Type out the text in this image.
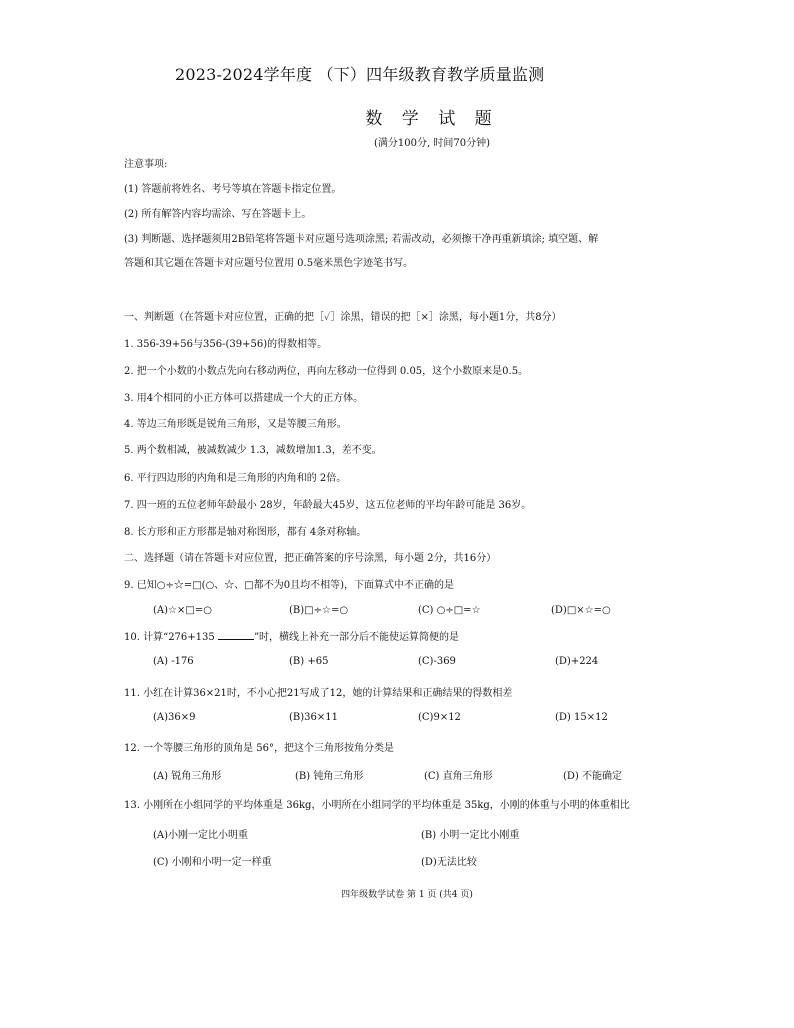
2023-2024学年度 （下）四年级教育教学质量监测
数 学 试 题
(满分100分, 时间70分钟)
注意事项:
(1) 答题前将姓名、考号等填在答题卡指定位置。
(2) 所有解答内容均需涂、写在答题卡上。
(3) 判断题、选择题须用2B铅笔将答题卡对应题号选项涂黑; 若需改动，必须擦干净再重新填涂; 填空题、解
答题和其它题在答题卡对应题号位置用 0.5毫米黑色字迹笔书写。
一、判断题（在答题卡对应位置，正确的把［✓］涂黑，错误的把［×］涂黑，每小题1分，共8分）
1. 356-39+56与356-(39+56)的得数相等。
2. 把一个小数的小数点先向右移动两位，再向左移动一位得到 0.05，这个小数原来是0.5。
3. 用4个相同的小正方体可以搭建成一个大的正方体。
4. 等边三角形既是锐角三角形，又是等腰三角形。
5. 两个数相减，被减数减少 1.3，减数增加1.3，差不变。
6. 平行四边形的内角和是三角形的内角和的 2倍。
7. 四一班的五位老师年龄最小 28岁，年龄最大45岁，这五位老师的平均年龄可能是 36岁。
8. 长方形和正方形都是轴对称图形，都有 4条对称轴。
二、选择题（请在答题卡对应位置，把正确答案的序号涂黑，每小题 2分，共16分）
9. 已知○÷☆=□(○、☆、□都不为0且均不相等)，下面算式中不正确的是
(A)☆×□=○	(B)□÷☆=○	(C) ○÷□=☆	(D)□×☆=○
10. 计算“276+135	”时，横线上补充一部分后不能使运算简便的是
(A) -176	(B) +65	(C)-369	(D)+224
11. 小红在计算36×21时，不小心把21写成了12，她的计算结果和正确结果的得数相差
(A)36×9	(B)36×11	(C)9×12	(D) 15×12
12. 一个等腰三角形的顶角是 56°，把这个三角形按角分类是
(A) 锐角三角形	(B) 钝角三角形	(C) 直角三角形	(D) 不能确定
13. 小刚所在小组同学的平均体重是 36kg，小明所在小组同学的平均体重是 35kg，小刚的体重与小明的体重相比
(A)小刚一定比小明重	(B) 小明一定比小刚重
(C) 小刚和小明一定一样重	(D)无法比较
四年级数学试卷 第 1 页 (共4 页)
